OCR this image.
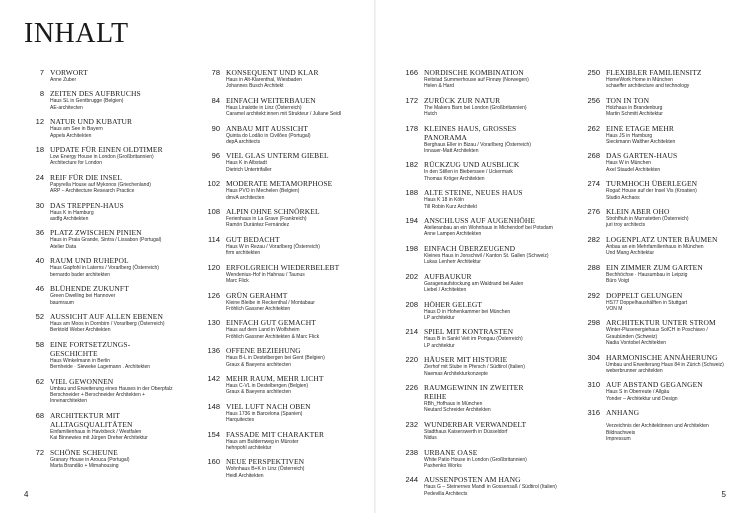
INHALT
7 VORWORT
Anne Zuber
8 ZEITEN DES AUFBRUCHS
Haus SL in Gentbrugge (Belgien)
AE-architecten
12 NATUR UND KUBATUR
Haus am See in Bayern
Appels Architekten
18 UPDATE FÜR EINEN OLDTIMER
Low Energy House in London (Großbritannien)
Architecture for London
24 REIF FÜR DIE INSEL
Papyrella House auf Mykonos (Griechenland)
ARP – Architecture Research Practice
30 DAS TREPPEN-HAUS
Haus K in Hamburg
asdfg Architekten
36 PLATZ ZWISCHEN PINIEN
Haus in Praia Grande, Sintra / Lissabon (Portugal)
Atelier Data
40 RAUM UND RUHEPOL
Haus Gapfohl in Laterns / Vorarlberg (Österreich)
bernardo bader architekten
46 BLÜHENDE ZUKUNFT
Green Dwelling bei Hannover
baumraum
52 AUSSICHT AUF ALLEN EBENEN
Haus am Moos in Dornbirn / Vorarlberg (Österreich)
Berktold Weber Architekten
58 EINE FORTSETZUNGS-GESCHICHTE
Haus Winkelmann in Berlin
Bernheide · Sieweke Lagemann . Architekten
62 VIEL GEWONNEN
Umbau und Erweiterung eines Hauses in der Oberpfalz
Berschneider + Berschneider Architekten +
Innenarchitekten
68 ARCHITEKTUR MIT ALLTAGSQUALITÄTEN
Einfamilienhaus in Havixbeck / Westfalen
Kai Binnewies mit Jürgen Dreher Architektur
72 SCHÖNE SCHEUNE
Granary House in Arouca (Portugal)
Marta Brandão + Mimahousing
78 KONSEQUENT UND KLAR
Haus in Alt-Klarenthal, Wiesbaden
Johannes Busch Architekt
84 EINFACH WEITERBAUEN
Haus Linalotte in Linz (Österreich)
Caramel architekt:innen mit Strukteur / Juliane Seidl
90 ANBAU MIT AUSSICHT
Quinta do Lodão in Civilões (Portugal)
depA architects
96 VIEL GLAS UNTERM GIEBEL
Haus K in Albstadt
Dietrich Untertrifaller
102 MODERATE METAMORPHOSE
Haus PVO in Mechelen (Belgien)
dmvA architecten
108 ALPIN OHNE SCHNÖRKEL
Ferienhaus in La Grave (Frankreich)
Ramón Durántez Fernández
114 GUT BEDACHT
Haus W in Rezau / Vorarlberg (Österreich)
firm architekten
120 ERFOLGREICH WIEDERBELEBT
Wendenius-Hof in Hahnau / Taunus
Marc Flick
126 GRÜN GERAHMT
Kleine Bleibe in Reckenthal / Montabaur
Fröhlich Gassner Architekten
130 EINFACH GUT GEMACHT
Haus auf dem Land in Wolfsheim
Fröhlich Gassner Architekten & Marc Flick
136 OFFENE BEZIEHUNG
Haus B-L in Destelbergen bei Gent (Belgien)
Graux & Baeyens architecten
142 MEHR RAUM, MEHR LICHT
Haus C-VL in Destelbergen (Belgien)
Graux & Baeyens architecten
148 VIEL LUFT NACH OBEN
Haus 1736 in Barcelona (Spanien)
Harquitectes
154 FASSADE MIT CHARAKTER
Haus am Buldernweg in Münster
hehnpohl architektur
160 NEUE PERSPEKTIVEN
Wohnhaus B+K in Linz (Österreich)
Heidl Architekten
166 NORDISCHE KOMBINATION
Reitstad Summerhouse auf Finnøy (Norwegen)
Helen & Hard
172 ZURÜCK ZUR NATUR
The Makers Barn bei London (Großbritannien)
Hutch
178 KLEINES HAUS, GROSSES PANORAMA
Berghaus Eller in Bizau / Vorarlberg (Österreich)
Innauer-Matt Architekten
182 RÜCKZUG UND AUSBLICK
In den Stillen in Bieberssee / Uckermark
Thomas Kröger Architekten
188 ALTE STEINE, NEUES HAUS
Haus K 18 in Köln
Till Robin Kurz Architekt
194 ANSCHLUSS AUF AUGENHÖHE
Atelieranbau an ein Wohnhaus in Michendorf bei Potsdam
Anne Lampen Architekten
198 EINFACH ÜBERZEUGEND
Kleines Haus in Jonschwil / Kanton St. Gallen (Schweiz)
Lukas Lenherr Architektur
202 AUFBAUKUR
Garagenaufstockung am Waldrand bei Aalen
Liebel / Architekten
208 HÖHER GELEGT
Haus D in Hohenkammer bei München
LP architektur
214 SPIEL MIT KONTRASTEN
Haus B in Sankt Veit im Pongau (Österreich)
LP architektur
220 HÄUSER MIT HISTORIE
Zierhof mit Stube in Pfersch / Südtirol (Italien)
Naemas Architekturkonzepte
226 RAUMGEWINN IN ZWEITER REIHE
RBh_Hofhaus in München
Neutard Schreider Architekten
232 WUNDERBAR VERWANDELT
Stadthaus Kaiserswerth in Düsseldorf
Nidus
238 URBANE OASE
White Patio House in London (Großbritannien)
Pashenko Works
244 AUSSENPOSTEN AM HANG
Haus G – Steinernes Mandl in Gossensaß / Südtirol (Italien)
Pedevilla Architects
250 FLEXIBLER FAMILIENSITZ
HomeWork Home in München
schaeffer architecture and technology
256 TON IN TON
Holzhaus in Brandenburg
Martin Schmitt Architektur
262 EINE ETAGE MEHR
Haus JS in Hamburg
Sieckmann Walther Architekten
268 DAS GARTEN-HAUS
Haus W in München
Axel Staudel Architekten
274 TURMHOCH ÜBERLEGEN
Rogač House auf der Insel Vis (Kroatien)
Studio Archaos
276 KLEIN ABER OHO
Strohfhuh in Murnstetten (Österreich)
juri troy architects
282 LOGENPLATZ UNTER BÄUMEN
Anbau an ein Mehrfamilienhaus in München
Und Mang Architektur
288 EIN ZIMMER ZUM GARTEN
Bechhöchse · Hausumbau in Leipzig
Büro Voigt
292 DOPPELT GELUNGEN
HS77 Doppelhaushälften in Stuttgart
VON M
298 ARCHITEKTUR UNTER STROM
Winter-Plusenergiehaus SolCH in Poschiavo /
Graubünden (Schweiz)
Nadia Vontobel Architekten
304 HARMONISCHE ANNÄHERUNG
Umbau und Erweiterung Haus 84 in Zürich (Schweiz)
weberbrunner architekten
310 AUF ABSTAND GEGANGEN
Haus S in Oberreute / Allgäu
Yonder – Architektur und Design
316 ANHANG
Verzeichnis der Architektinnen und Architekten
Bildnachweis
Impressum
4	5
